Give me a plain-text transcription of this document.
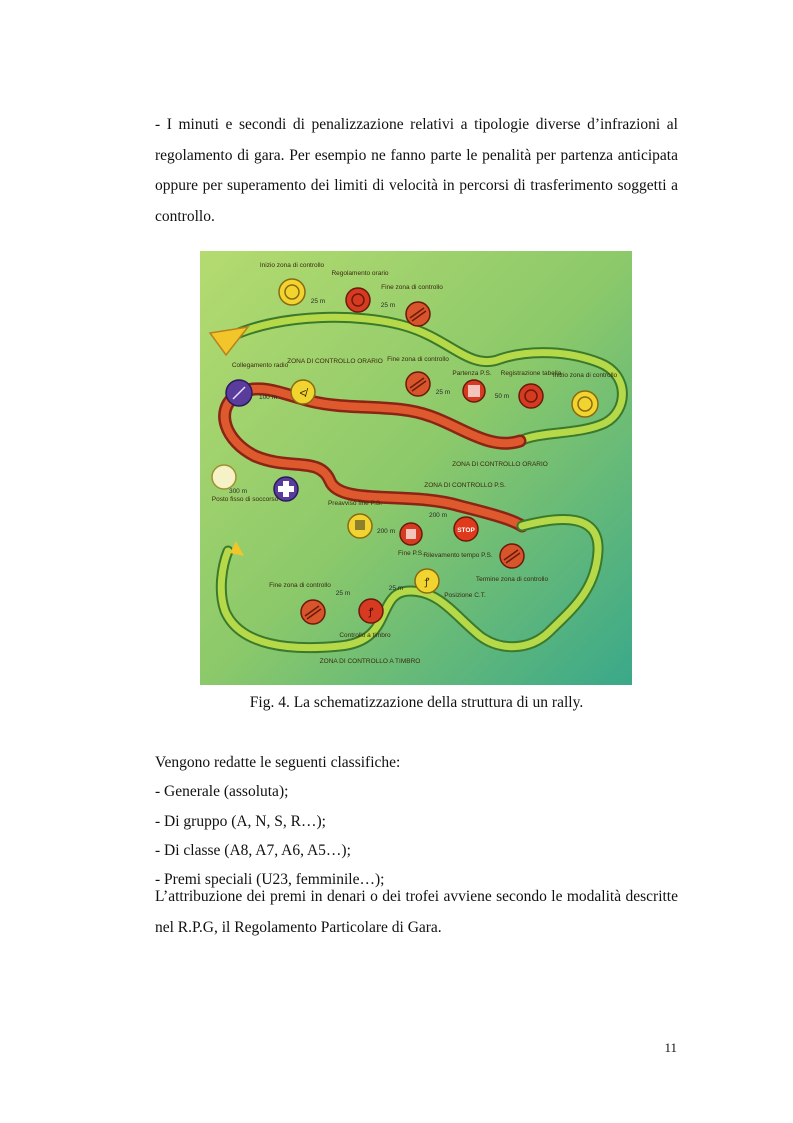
- I minuti e secondi di penalizzazione relativi a tipologie diverse d’infrazioni al regolamento di gara. Per esempio ne fanno parte le penalità per partenza anticipata oppure per superamento dei limiti di velocità in percorsi di trasferimento soggetti a controllo.

≮
STOP
ꝭ
ꝭ
Inizio zona di controllo
Regolamento orario
Fine zona di controllo
ZONA DI CONTROLLO ORARIO
Collegamento radio
Fine zona di controllo
Partenza P.S. Registrazione tabella
Inizio zona di controllo
ZONA DI CONTROLLO ORARIO
ZONA DI CONTROLLO P.S.
Posto fisso di soccorso
Preavviso fine P.S.
Fine P.S. Rilevamento tempo P.S.
Termine zona di controllo
Fine zona di controllo
Controllo a timbro
Posizione C.T.
ZONA DI CONTROLLO A TIMBRO
25 m
25 m
100 m
25 m
50 m
200 m
200 m
25 m
25 m
300 m

Fig. 4. La schematizzazione della struttura di un rally.

Vengono redatte le seguenti classifiche:
- Generale (assoluta);
- Di gruppo (A, N, S, R…);
- Di classe (A8, A7, A6, A5…);
- Premi speciali (U23, femminile…);

L’attribuzione dei premi in denari o dei trofei avviene secondo le modalità descritte nel R.P.G, il Regolamento Particolare di Gara.

11
